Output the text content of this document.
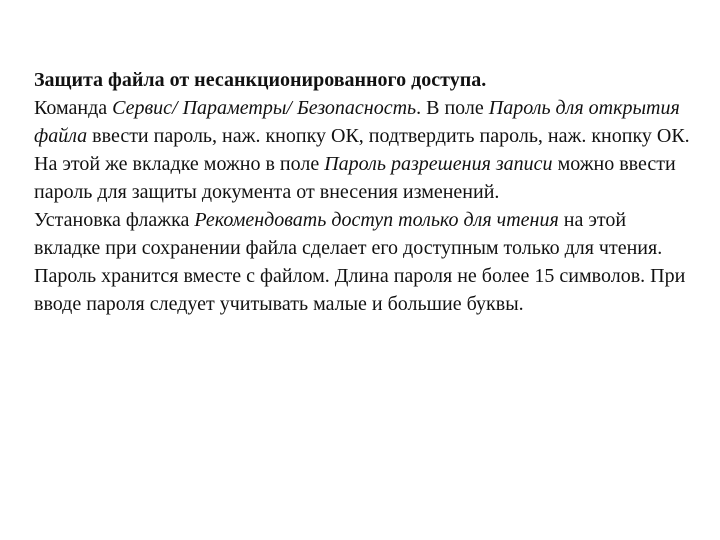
Защита файла от несанкционированного доступа.

Команда Сервис/ Параметры/ Безопасность. В поле Пароль для открытия файла ввести пароль, наж. кнопку ОК, подтвердить пароль, наж. кнопку ОК.

На этой же вкладке можно в поле Пароль разрешения записи можно ввести пароль для защиты документа от внесения изменений.

Установка флажка Рекомендовать доступ только для чтения на этой вкладке при сохранении файла сделает его доступным только для чтения.

Пароль хранится вместе с файлом. Длина пароля не более 15 символов. При вводе пароля следует учитывать малые и большие буквы.
